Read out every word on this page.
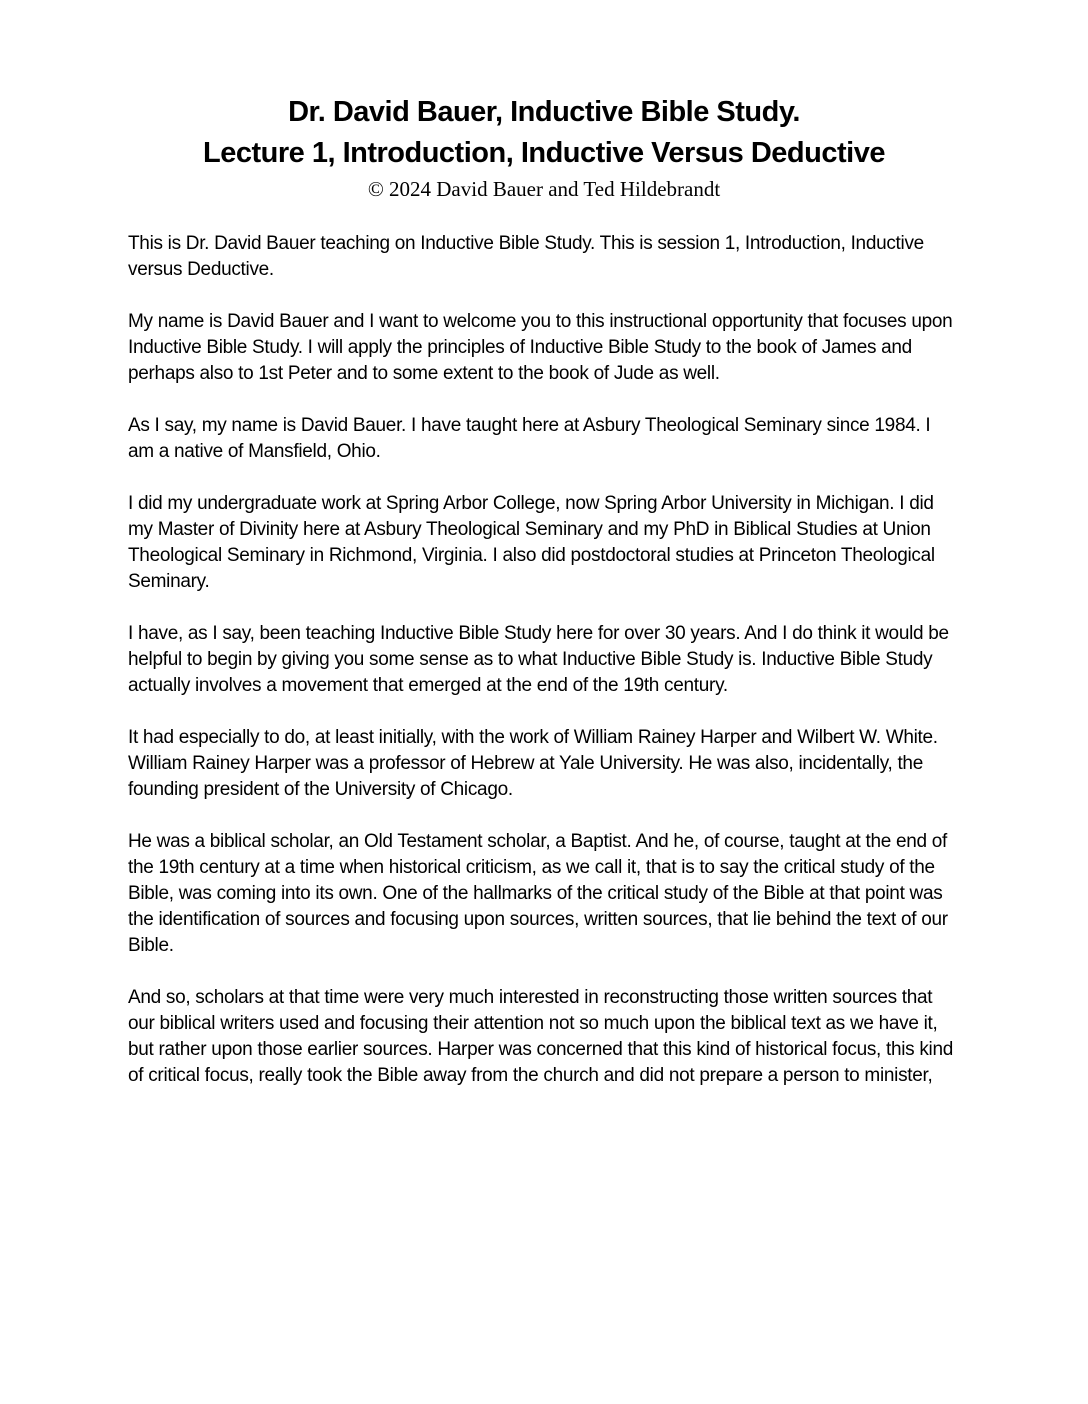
Dr. David Bauer, Inductive Bible Study.
Lecture 1, Introduction, Inductive Versus Deductive
© 2024 David Bauer and Ted Hildebrandt

This is Dr. David Bauer teaching on Inductive Bible Study. This is session 1, Introduction, Inductive versus Deductive.

My name is David Bauer and I want to welcome you to this instructional opportunity that focuses upon Inductive Bible Study. I will apply the principles of Inductive Bible Study to the book of James and perhaps also to 1st Peter and to some extent to the book of Jude as well.

As I say, my name is David Bauer. I have taught here at Asbury Theological Seminary since 1984. I am a native of Mansfield, Ohio.

I did my undergraduate work at Spring Arbor College, now Spring Arbor University in Michigan. I did my Master of Divinity here at Asbury Theological Seminary and my PhD in Biblical Studies at Union Theological Seminary in Richmond, Virginia. I also did postdoctoral studies at Princeton Theological Seminary.

I have, as I say, been teaching Inductive Bible Study here for over 30 years. And I do think it would be helpful to begin by giving you some sense as to what Inductive Bible Study is. Inductive Bible Study actually involves a movement that emerged at the end of the 19th century.

It had especially to do, at least initially, with the work of William Rainey Harper and Wilbert W. White. William Rainey Harper was a professor of Hebrew at Yale University. He was also, incidentally, the founding president of the University of Chicago.

He was a biblical scholar, an Old Testament scholar, a Baptist. And he, of course, taught at the end of the 19th century at a time when historical criticism, as we call it, that is to say the critical study of the Bible, was coming into its own. One of the hallmarks of the critical study of the Bible at that point was the identification of sources and focusing upon sources, written sources, that lie behind the text of our Bible.

And so, scholars at that time were very much interested in reconstructing those written sources that our biblical writers used and focusing their attention not so much upon the biblical text as we have it, but rather upon those earlier sources. Harper was concerned that this kind of historical focus, this kind of critical focus, really took the Bible away from the church and did not prepare a person to minister,
